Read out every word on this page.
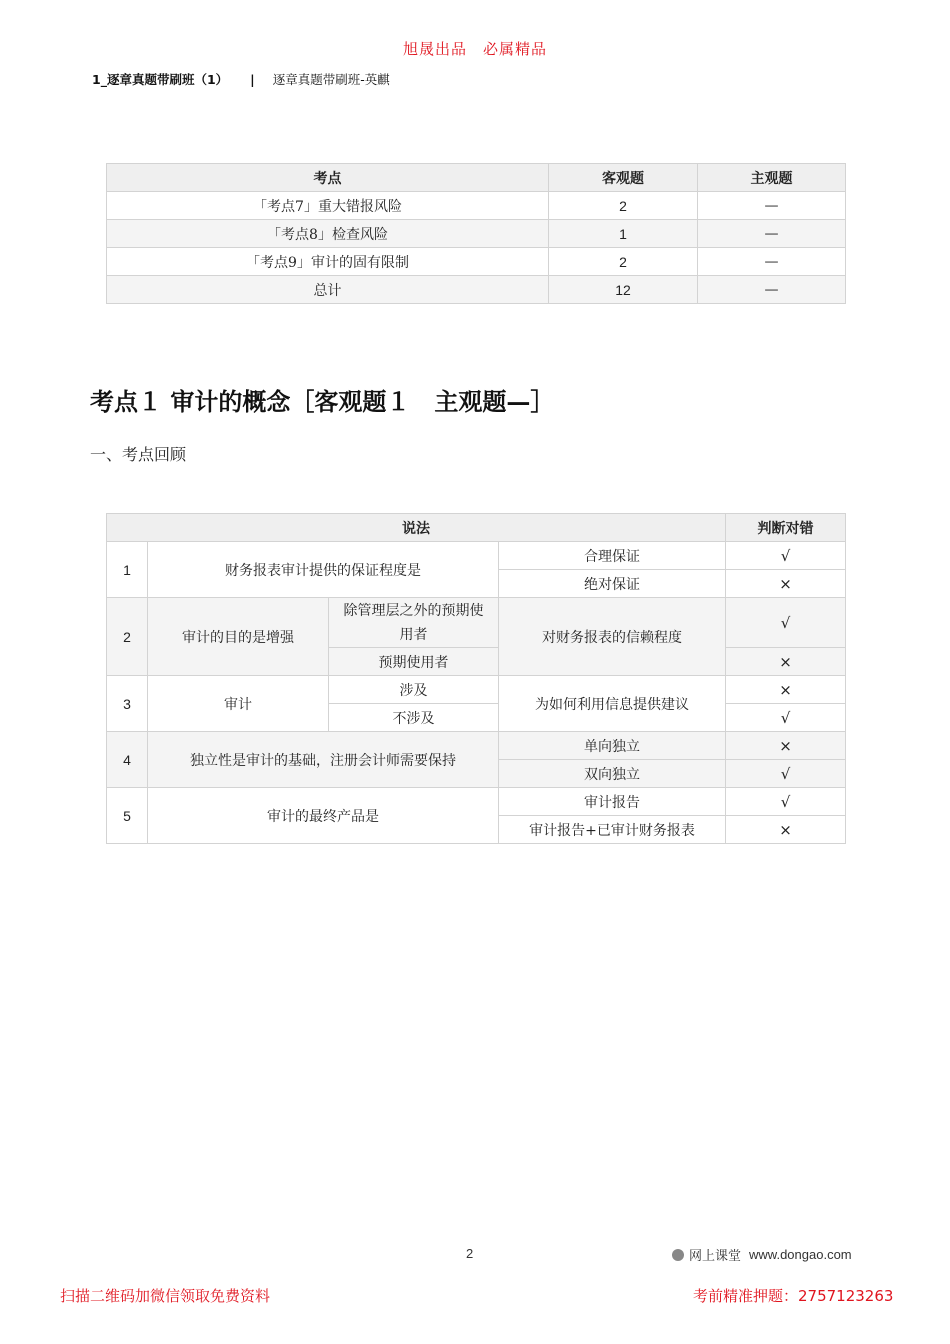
旭晟出品　必属精品
1_逐章真题带刷班（1） | 逐章真题带刷班-英麒
考点	客观题	主观题
「考点7」重大错报风险	2	—
「考点8」检查风险	1	—
「考点9」审计的固有限制	2	—
总计	12	—
考点１ 审计的概念［客观题１　主观题—］
一、考点回顾
说法				判断对错
1	财务报表审计提供的保证程度是		合理保证	√
			绝对保证	×
2	审计的目的是增强	除管理层之外的预期使用者	对财务报表的信赖程度	√
		预期使用者		×
3	审计	涉及	为如何利用信息提供建议	×
		不涉及		√
4	独立性是审计的基础，注册会计师需要保持		单向独立	×
			双向独立	√
5	审计的最终产品是		审计报告	√
			审计报告+已审计财务报表	×
2	网上课堂 www.dongao.com
扫描二维码加微信领取免费资料	考前精准押题：2757123263
